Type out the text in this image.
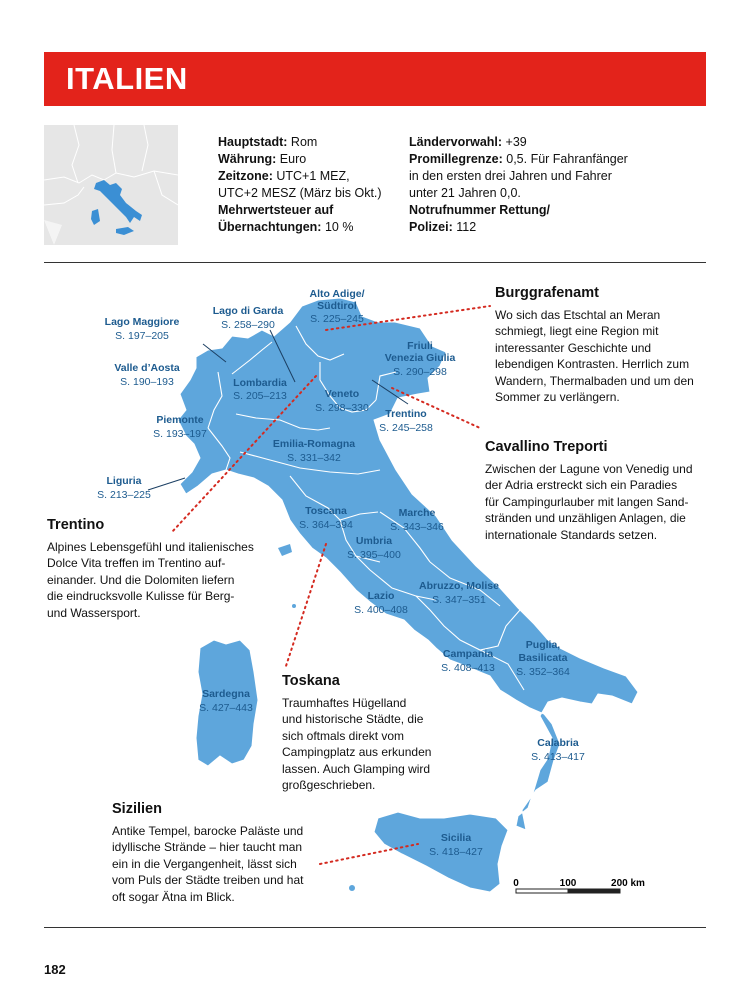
ITALIEN

Hauptstadt: Rom

Währung: Euro

Zeitzone: UTC+1 MEZ,

UTC+2 MESZ (März bis Okt.)

Mehrwertsteuer auf

Übernachtungen: 10 %

Ländervorwahl: +39

Promillegrenze: 0,5. Für Fahranfänger

in den ersten drei Jahren und Fahrer

unter 21 Jahren 0,0.

Notrufnummer Rettung/

Polizei: 112

Alto Adige/
Südtirol
S. 225–245
Lago di Garda
S. 258–290
Lago Maggiore
S. 197–205
Friuli
Venezia Giulia
S. 290–298
Valle d’Aosta
S. 190–193	Lombardia
S. 205–213	Veneto
S. 298–330 Trentino
S. 245–258
Piemonte
S. 193–197
Emilia-Romagna
S. 331–342
Liguria
S. 213–225
Toscana
S. 364–394
Marche
S. 343–346
Umbria
S. 395–400
Abruzzo, Molise
S. 347–351
Lazio
S. 400–408
Puglia,
Basilicata
S. 352–364
Campania
S. 408–413
Sardegna
S. 427–443
Calabria
S. 413–417
Sicilia
S. 418–427
0	100	200 km
Burggrafenamt

Wo sich das Etschtal an Meran

schmiegt, liegt eine Region mit

interessanter Geschichte und

lebendigen Kontrasten. Herrlich zum

Wandern, Thermalbaden und um den

Sommer zu verlängern.

Cavallino Treporti

Zwischen der Lagune von Venedig und

der Adria erstreckt sich ein Paradies

für Campingurlauber mit langen Sand-

stränden und unzähligen Anlagen, die

internationale Standards setzen.

Trentino

Alpines Lebensgefühl und italienisches

Dolce Vita treffen im Trentino auf-

einander. Und die Dolomiten liefern

die eindrucksvolle Kulisse für Berg-

und Wassersport.

Toskana

Traumhaftes Hügelland

und historische Städte, die

sich oftmals direkt vom

Campingplatz aus erkunden

lassen. Auch Glamping wird

großgeschrieben.

Sizilien

Antike Tempel, barocke Paläste und

idyllische Strände – hier taucht man

ein in die Vergangenheit, lässt sich

vom Puls der Städte treiben und hat

oft sogar Ätna im Blick.

182
